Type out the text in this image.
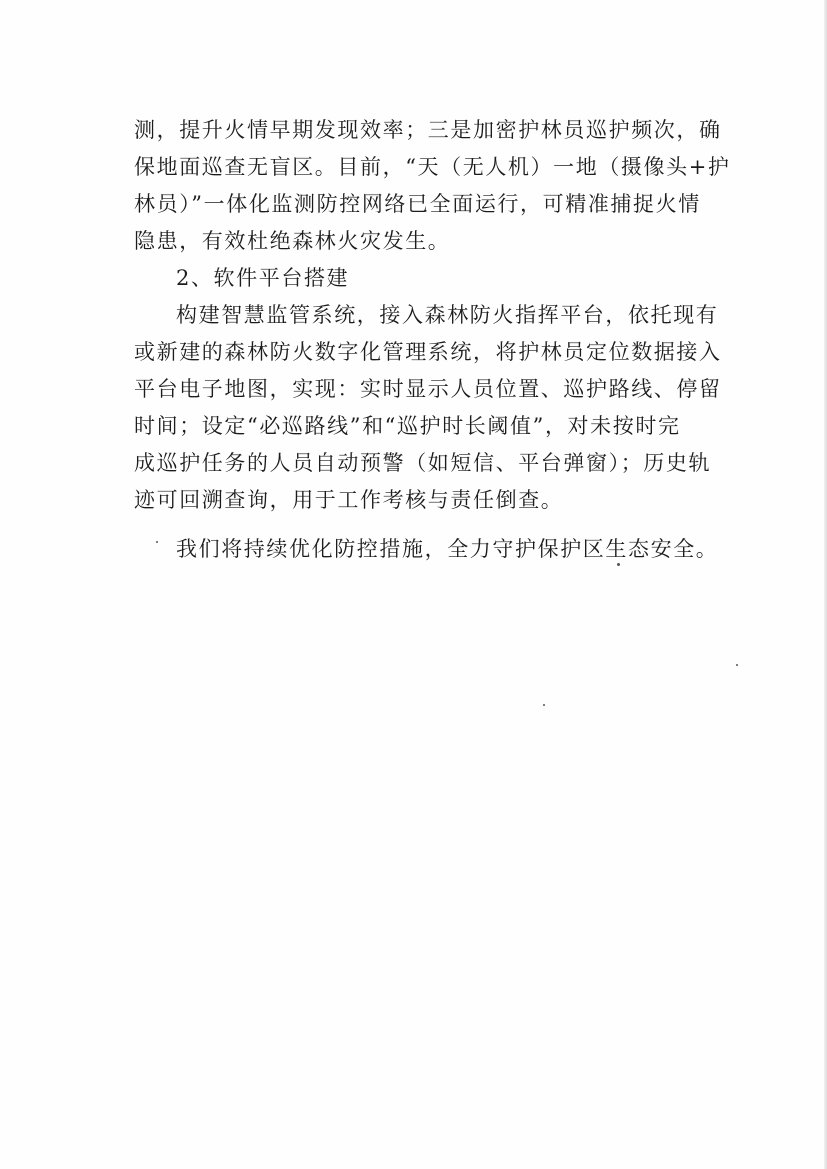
测，提升火情早期发现效率；三是加密护林员巡护频次，确
保地面巡查无盲区。目前，“天（无人机）一地（摄像头+护
林员）”一体化监测防控网络已全面运行，可精准捕捉火情
隐患，有效杜绝森林火灾发生。
2、软件平台搭建
构建智慧监管系统，接入森林防火指挥平台，依托现有
或新建的森林防火数字化管理系统，将护林员定位数据接入
平台电子地图，实现：实时显示人员位置、巡护路线、停留
时间；设定“必巡路线”和“巡护时长阈值”，对未按时完
成巡护任务的人员自动预警（如短信、平台弹窗）；历史轨
迹可回溯查询，用于工作考核与责任倒查。
我们将持续优化防控措施，全力守护保护区生态安全。
